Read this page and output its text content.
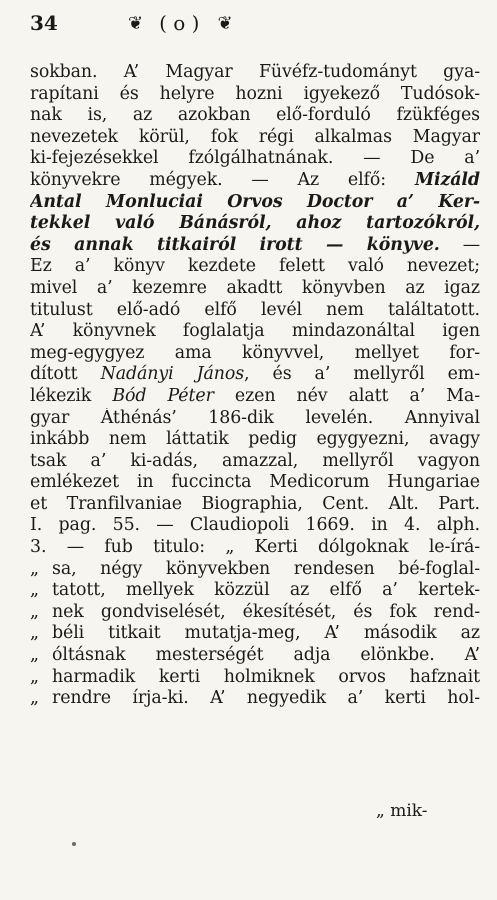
34	❦ ( o ) ❦
sokban. A’ Magyar Füvéfz-tudományt gya-
rapítani és helyre hozni igyekező Tudósok-
nak is, az azokban elő-forduló fzükféges
nevezetek körül, fok régi alkalmas Magyar
ki-fejezésekkel fzólgálhatnának. — De a’
könyvekre mégyek. — Az elfő: Mizáld
Antal Monluciai Orvos Doctor a’ Ker-
tekkel való Bánásról, ahoz tartozókról,
és annak titkairól irott — könyve. —
Ez a’ könyv kezdete felett való nevezet;
mivel a’ kezemre akadtt könyvben az igaz
titulust elő-adó elfő levél nem találtatott.
A’ könyvnek foglalatja mindazonáltal igen
meg-egygyez ama könyvvel, mellyet for-
dított Nadányi János, és a’ mellyről em-
lékezik Bód Péter ezen név alatt a’ Ma-
gyar Áthénás’ 186-dik levelén. Annyival
inkább nem láttatik pedig egygyezni, avagy
tsak a’ ki-adás, amazzal, mellyről vagyon
emlékezet in fuccincta Medicorum Hungariae
et Tranfilvaniae Biographia, Cent. Alt. Part.
I. pag. 55. — Claudiopoli 1669. in 4. alph.
3. — fub titulo: „ Kerti dólgoknak le-írá-
„ sa, négy könyvekben rendesen bé-foglal-
„ tatott, mellyek közzül az elfő a’ kertek-
„ nek gondviselését, ékesítését, és fok rend-
„ béli titkait mutatja-meg, A’ második az
„ óltásnak mesterségét adja elönkbe. A’
„ harmadik kerti holmiknek orvos hafznait
„ rendre írja-ki. A’ negyedik a’ kerti hol-
„ mik-
